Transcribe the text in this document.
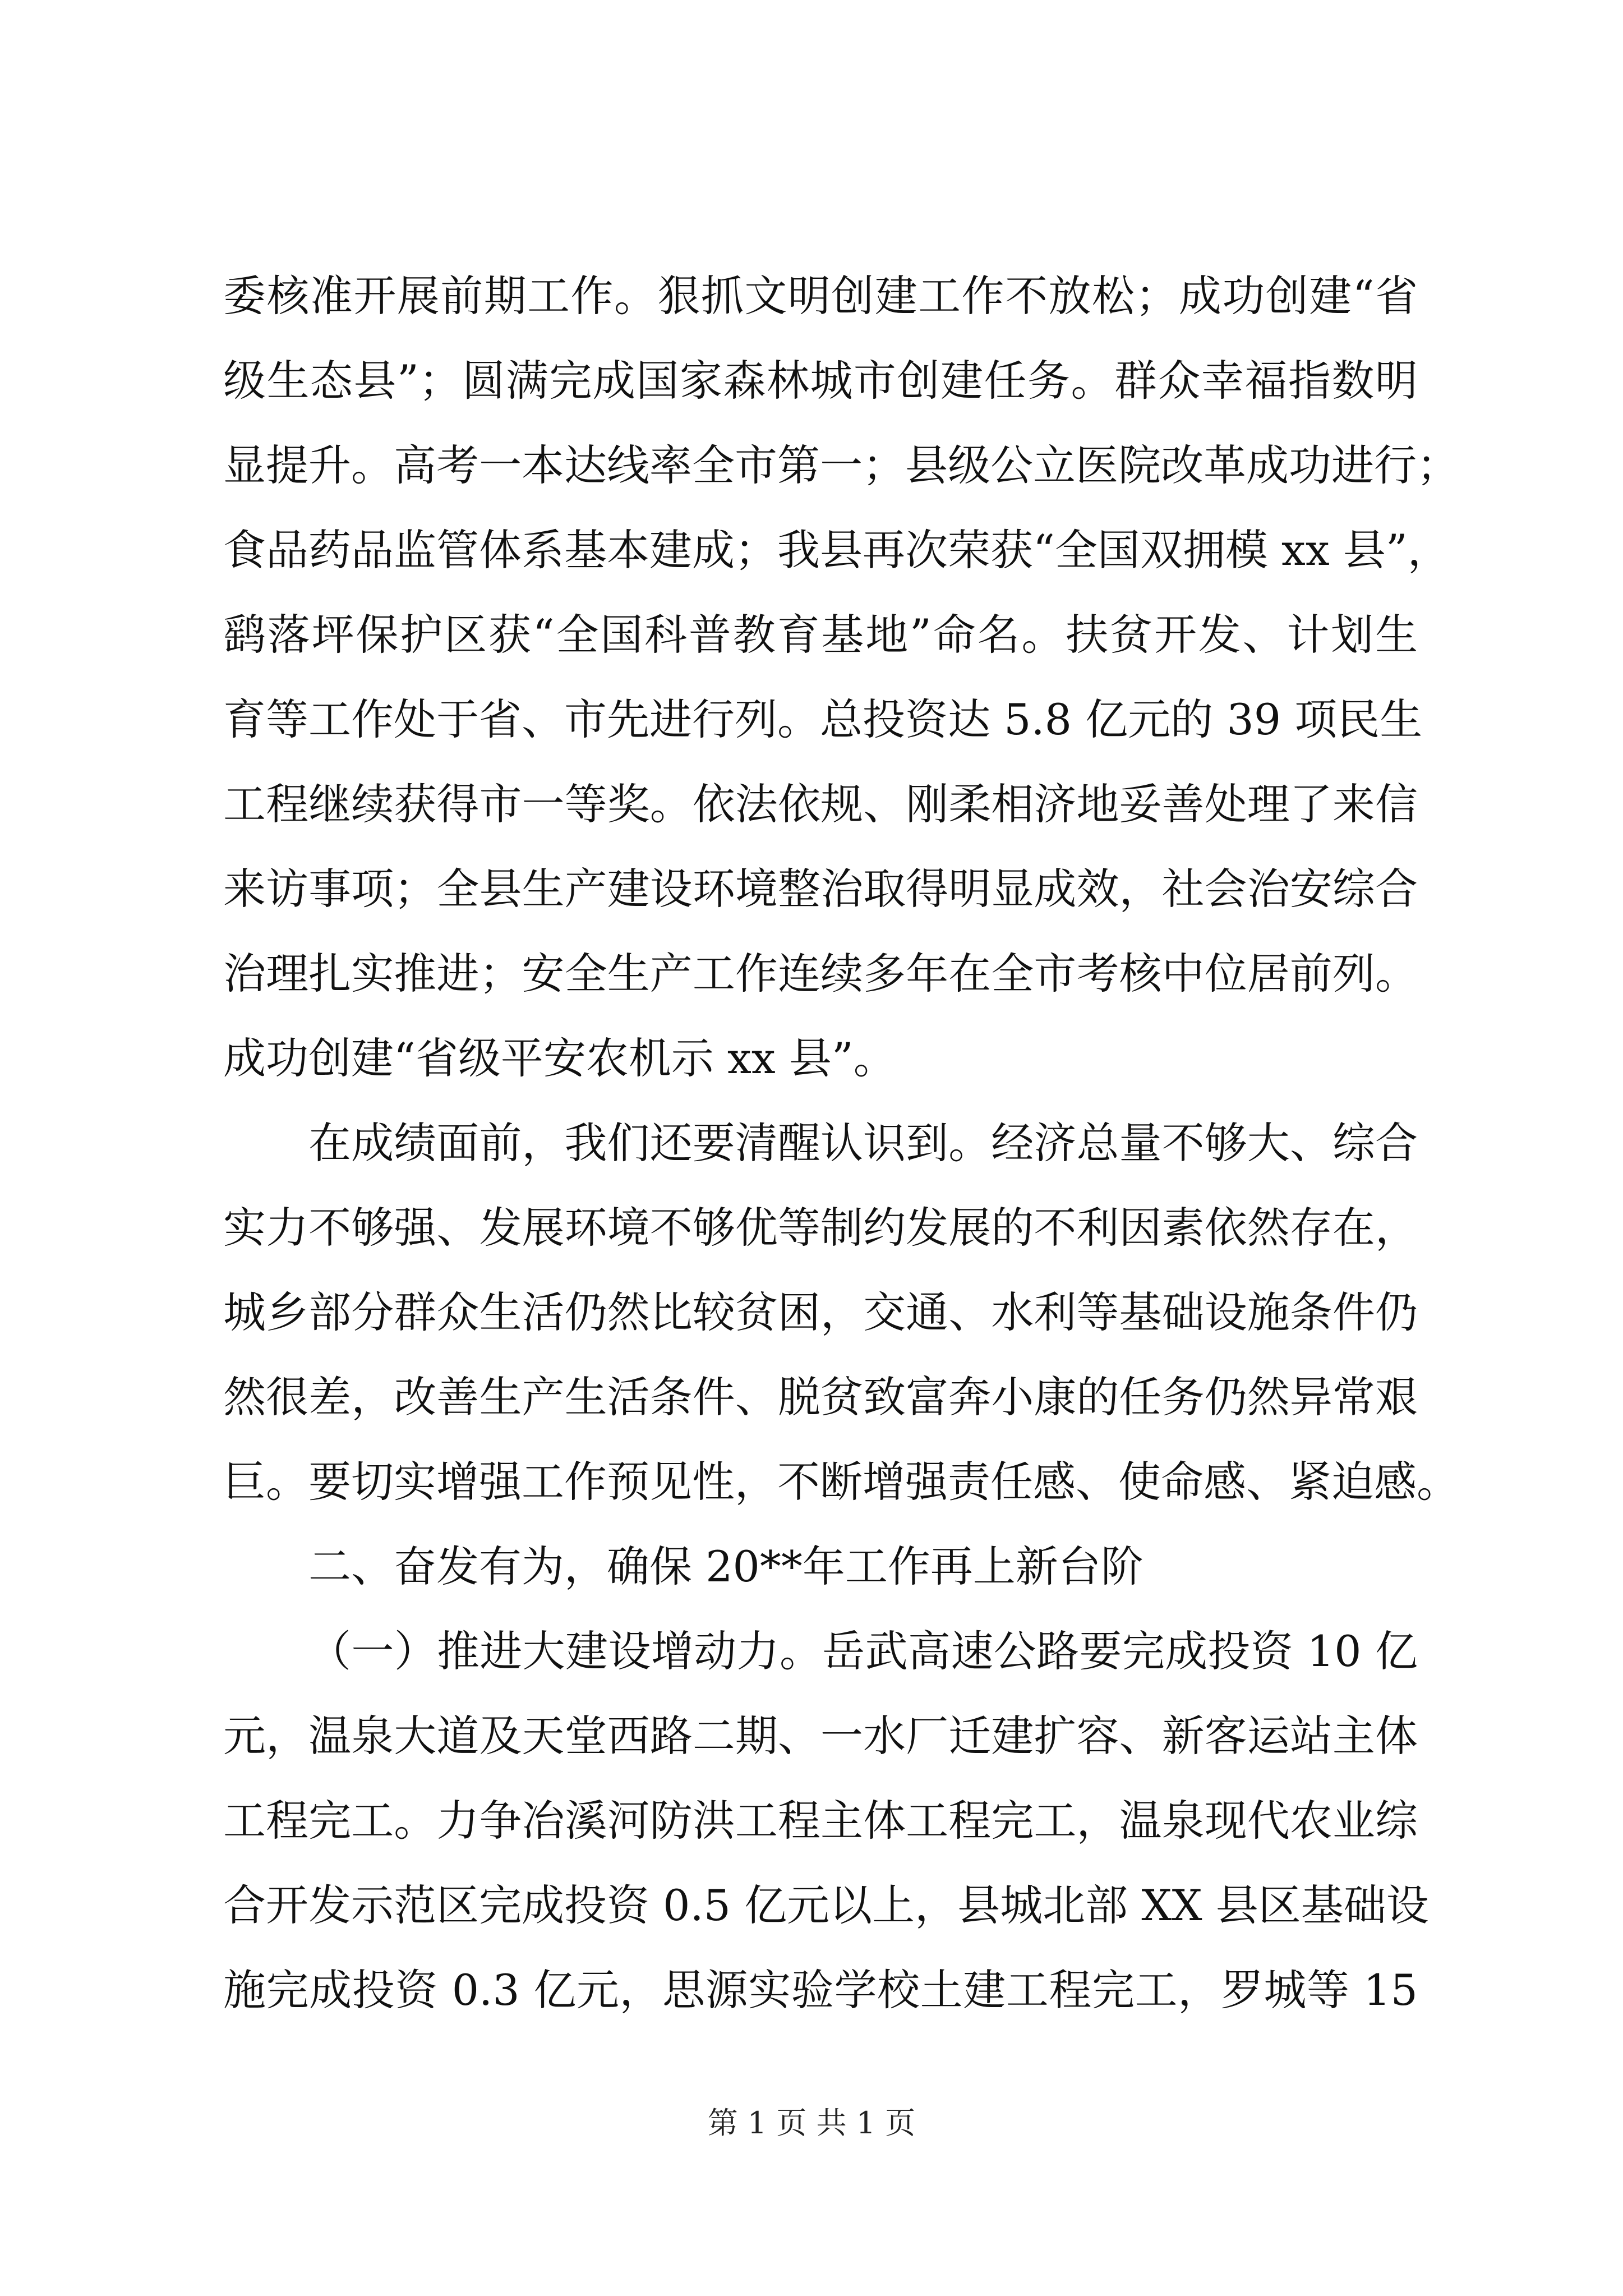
委核准开展前期工作。狠抓文明创建工作不放松；成功创建“省
级生态县”；圆满完成国家森林城市创建任务。群众幸福指数明
显提升。高考一本达线率全市第一；县级公立医院改革成功进行；
食品药品监管体系基本建成；我县再次荣获“全国双拥模 xx 县”，
鹞落坪保护区获“全国科普教育基地”命名。扶贫开发、计划生
育等工作处于省、市先进行列。总投资达 5.8 亿元的 39 项民生
工程继续获得市一等奖。依法依规、刚柔相济地妥善处理了来信
来访事项；全县生产建设环境整治取得明显成效，社会治安综合
治理扎实推进；安全生产工作连续多年在全市考核中位居前列。
成功创建“省级平安农机示 xx 县”。
在成绩面前，我们还要清醒认识到。经济总量不够大、综合
实力不够强、发展环境不够优等制约发展的不利因素依然存在，
城乡部分群众生活仍然比较贫困，交通、水利等基础设施条件仍
然很差，改善生产生活条件、脱贫致富奔小康的任务仍然异常艰
巨。要切实增强工作预见性，不断增强责任感、使命感、紧迫感。
二、奋发有为，确保 20**年工作再上新台阶
（一）推进大建设增动力。岳武高速公路要完成投资 10 亿
元，温泉大道及天堂西路二期、一水厂迁建扩容、新客运站主体
工程完工。力争冶溪河防洪工程主体工程完工，温泉现代农业综
合开发示范区完成投资 0.5 亿元以上，县城北部 XX 县区基础设
施完成投资 0.3 亿元，思源实验学校土建工程完工，罗城等 15
第 1 页 共 1 页
